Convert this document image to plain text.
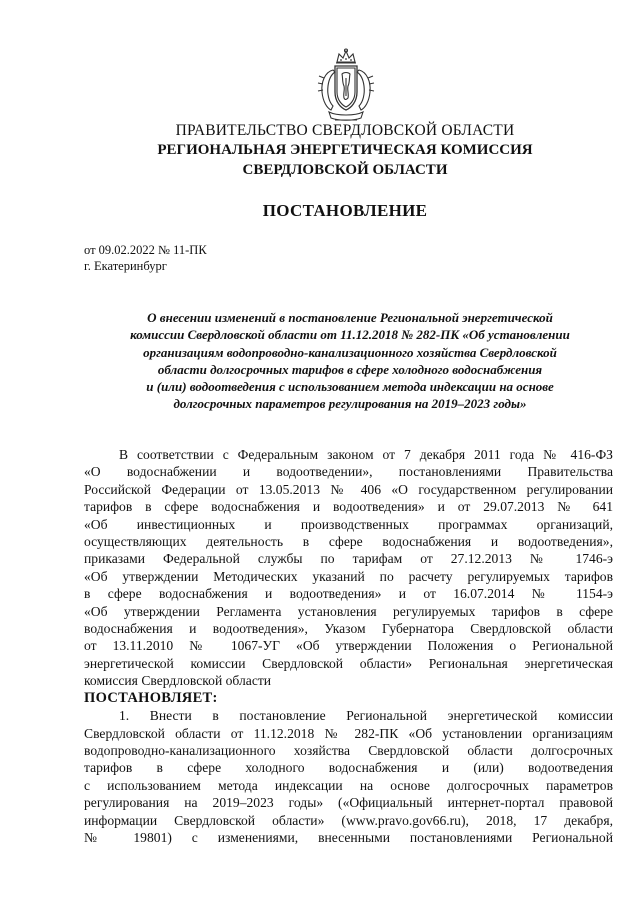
ПРАВИТЕЛЬСТВО СВЕРДЛОВСКОЙ ОБЛАСТИ
РЕГИОНАЛЬНАЯ ЭНЕРГЕТИЧЕСКАЯ КОМИССИЯ
СВЕРДЛОВСКОЙ ОБЛАСТИ
ПОСТАНОВЛЕНИЕ
от 09.02.2022 № 11-ПК
г. Екатеринбург
О внесении изменений в постановление Региональной энергетической
комиссии Свердловской области от 11.12.2018 № 282-ПК «Об установлении
организациям водопроводно-канализационного хозяйства Свердловской
области долгосрочных тарифов в сфере холодного водоснабжения
и (или) водоотведения с использованием метода индексации на основе
долгосрочных параметров регулирования на 2019–2023 годы»
В соответствии с Федеральным законом от 7 декабря 2011 года № 416-ФЗ
«О водоснабжении и водоотведении», постановлениями Правительства
Российской Федерации от 13.05.2013 № 406 «О государственном регулировании
тарифов в сфере водоснабжения и водоотведения» и от 29.07.2013 № 641
«Об инвестиционных и производственных программах организаций,
осуществляющих деятельность в сфере водоснабжения и водоотведения»,
приказами Федеральной службы по тарифам от 27.12.2013 № 1746-э
«Об утверждении Методических указаний по расчету регулируемых тарифов
в сфере водоснабжения и водоотведения» и от 16.07.2014 № 1154-э
«Об утверждении Регламента установления регулируемых тарифов в сфере
водоснабжения и водоотведения», Указом Губернатора Свердловской области
от 13.11.2010 № 1067-УГ «Об утверждении Положения о Региональной
энергетической комиссии Свердловской области» Региональная энергетическая
комиссия Свердловской области
ПОСТАНОВЛЯЕТ:
1. Внести в постановление Региональной энергетической комиссии
Свердловской области от 11.12.2018 № 282-ПК «Об установлении организациям
водопроводно-канализационного хозяйства Свердловской области долгосрочных
тарифов в сфере холодного водоснабжения и (или) водоотведения
с использованием метода индексации на основе долгосрочных параметров
регулирования на 2019–2023 годы» («Официальный интернет-портал правовой
информации Свердловской области» (www.pravo.gov66.ru), 2018, 17 декабря,
№ 19801) с изменениями, внесенными постановлениями Региональной
